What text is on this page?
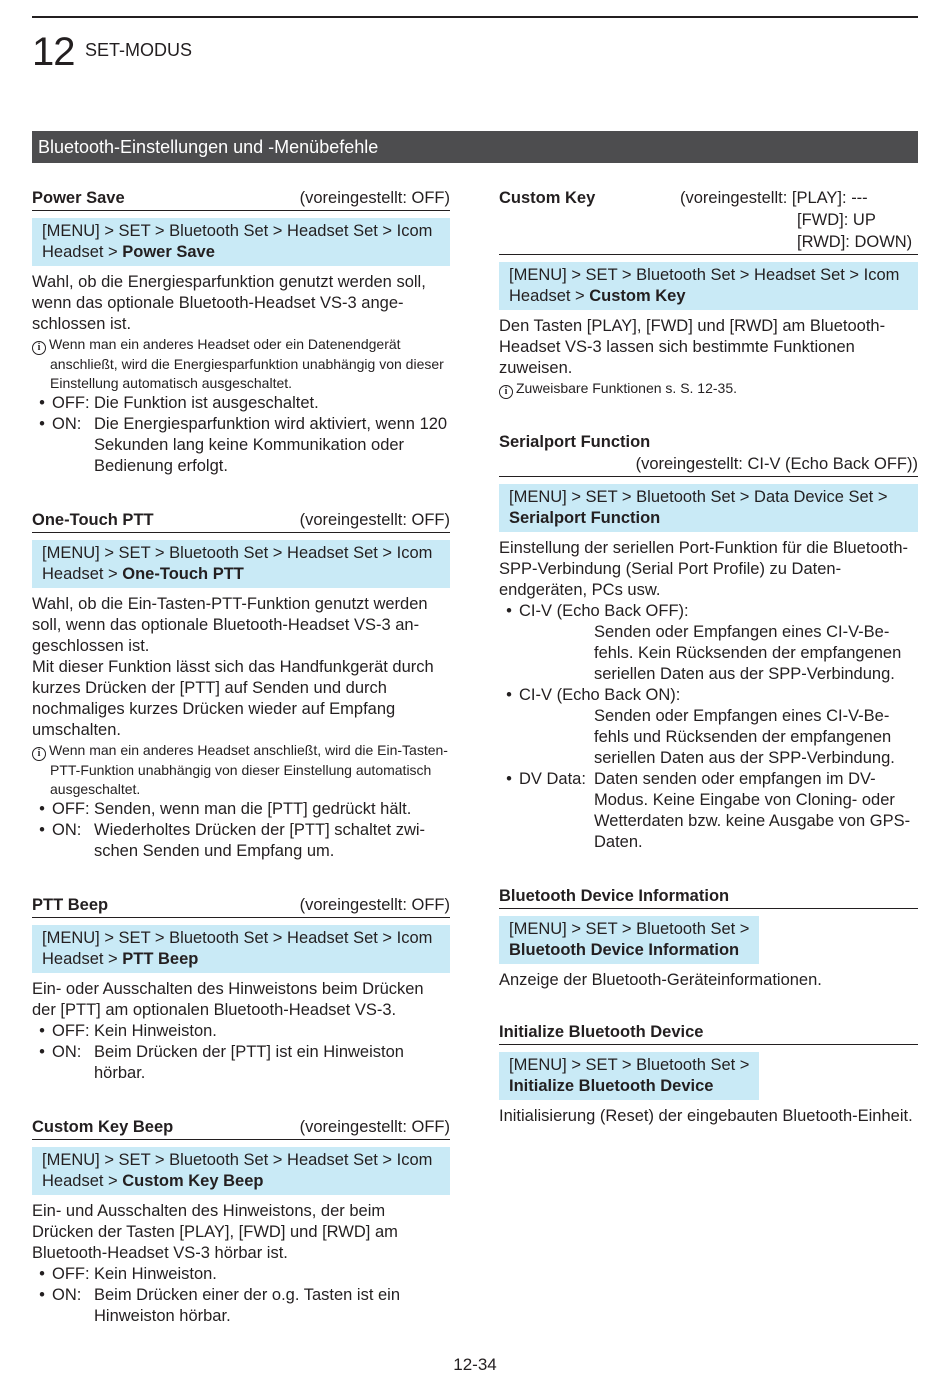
12 SET-MODUS
Bluetooth-Einstellungen und -Menübefehle
Power Save	(voreingestellt: OFF)
[MENU] > SET > Bluetooth Set > Headset Set > Icom Headset > Power Save
Wahl, ob die Energiesparfunktion genutzt werden soll, wenn das optionale Bluetooth-Headset VS-3 angeschlossen ist.
i Wenn man ein anderes Headset oder ein Datenendgerät anschließt, wird die Energiesparfunktion unabhängig von dieser Einstellung automatisch ausgeschaltet.
• OFF: Die Funktion ist ausgeschaltet.
• ON: Die Energiesparfunktion wird aktiviert, wenn 120 Sekunden lang keine Kommunikation oder Bedienung erfolgt.
One-Touch PTT	(voreingestellt: OFF)
[MENU] > SET > Bluetooth Set > Headset Set > Icom Headset > One-Touch PTT
Wahl, ob die Ein-Tasten-PTT-Funktion genutzt werden soll, wenn das optionale Bluetooth-Headset VS-3 angeschlossen ist.
Mit dieser Funktion lässt sich das Handfunkgerät durch kurzes Drücken der [PTT] auf Senden und durch nochmaliges kurzes Drücken wieder auf Empfang umschalten.
i Wenn man ein anderes Headset anschließt, wird die Ein-Tasten-PTT-Funktion unabhängig von dieser Einstellung automatisch ausgeschaltet.
• OFF: Senden, wenn man die [PTT] gedrückt hält.
• ON: Wiederholtes Drücken der [PTT] schaltet zwischen Senden und Empfang um.
PTT Beep	(voreingestellt: OFF)
[MENU] > SET > Bluetooth Set > Headset Set > Icom Headset > PTT Beep
Ein- oder Ausschalten des Hinweistons beim Drücken der [PTT] am optionalen Bluetooth-Headset VS-3.
• OFF: Kein Hinweiston.
• ON: Beim Drücken der [PTT] ist ein Hinweiston hörbar.
Custom Key Beep	(voreingestellt: OFF)
[MENU] > SET > Bluetooth Set > Headset Set > Icom Headset > Custom Key Beep
Ein- und Ausschalten des Hinweistons, der beim Drücken der Tasten [PLAY], [FWD] und [RWD] am Bluetooth-Headset VS-3 hörbar ist.
• OFF: Kein Hinweiston.
• ON: Beim Drücken einer der o.g. Tasten ist ein Hinweiston hörbar.
Custom Key	(voreingestellt: [PLAY]: ---
[FWD]: UP
[RWD]: DOWN)
[MENU] > SET > Bluetooth Set > Headset Set > Icom Headset > Custom Key
Den Tasten [PLAY], [FWD] und [RWD] am Bluetooth-Headset VS-3 lassen sich bestimmte Funktionen zuweisen.
i Zuweisbare Funktionen s. S. 12-35.
Serialport Function
(voreingestellt: CI-V (Echo Back OFF))
[MENU] > SET > Bluetooth Set > Data Device Set > Serialport Function
Einstellung der seriellen Port-Funktion für die Bluetooth-SPP-Verbindung (Serial Port Profile) zu Datenendgeräten, PCs usw.
• CI-V (Echo Back OFF):
Senden oder Empfangen eines CI-V-Befehls. Kein Rücksenden der empfangenen seriellen Daten aus der SPP-Verbindung.
• CI-V (Echo Back ON):
Senden oder Empfangen eines CI-V-Befehls und Rücksenden der empfangenen seriellen Daten aus der SPP-Verbindung.
• DV Data: Daten senden oder empfangen im DV-Modus. Keine Eingabe von Cloning- oder Wetterdaten bzw. keine Ausgabe von GPS-Daten.
Bluetooth Device Information
[MENU] > SET > Bluetooth Set >
Bluetooth Device Information
Anzeige der Bluetooth-Geräteinformationen.
Initialize Bluetooth Device
[MENU] > SET > Bluetooth Set >
Initialize Bluetooth Device
Initialisierung (Reset) der eingebauten Bluetooth-Einheit.
12-34
